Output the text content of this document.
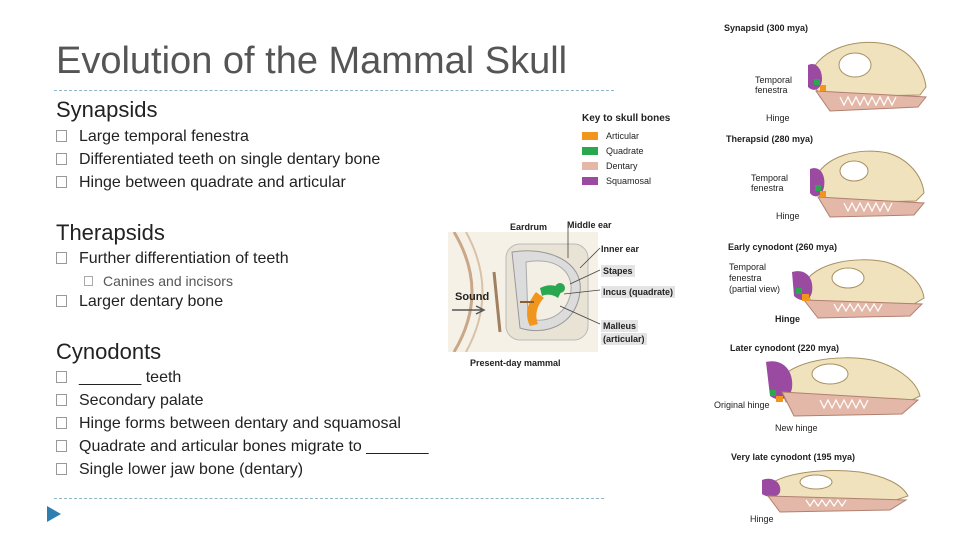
Evolution of the Mammal Skull
Synapsids
Large temporal fenestra
Differentiated teeth on single dentary bone
Hinge between quadrate and articular
Therapsids
Further differentiation of teeth
Canines and incisors
Larger dentary bone
Cynodonts
_______ teeth
Secondary palate
Hinge forms between dentary and squamosal
Quadrate and articular bones migrate to _______
Single lower jaw bone (dentary)
Key to skull bones
Articular
Quadrate
Dentary
Squamosal
Sound
Eardrum Middle ear
Inner ear
Stapes
Incus (quadrate)
Malleus
(articular)
Present-day mammal
Synapsid (300 mya)
Temporal
fenestra
Hinge
Therapsid (280 mya)
Temporal
fenestra
Hinge
Early cynodont (260 mya)
Temporal
fenestra
(partial view)
Hinge
Later cynodont (220 mya)
Original hinge
New hinge
Very late cynodont (195 mya)
Hinge
